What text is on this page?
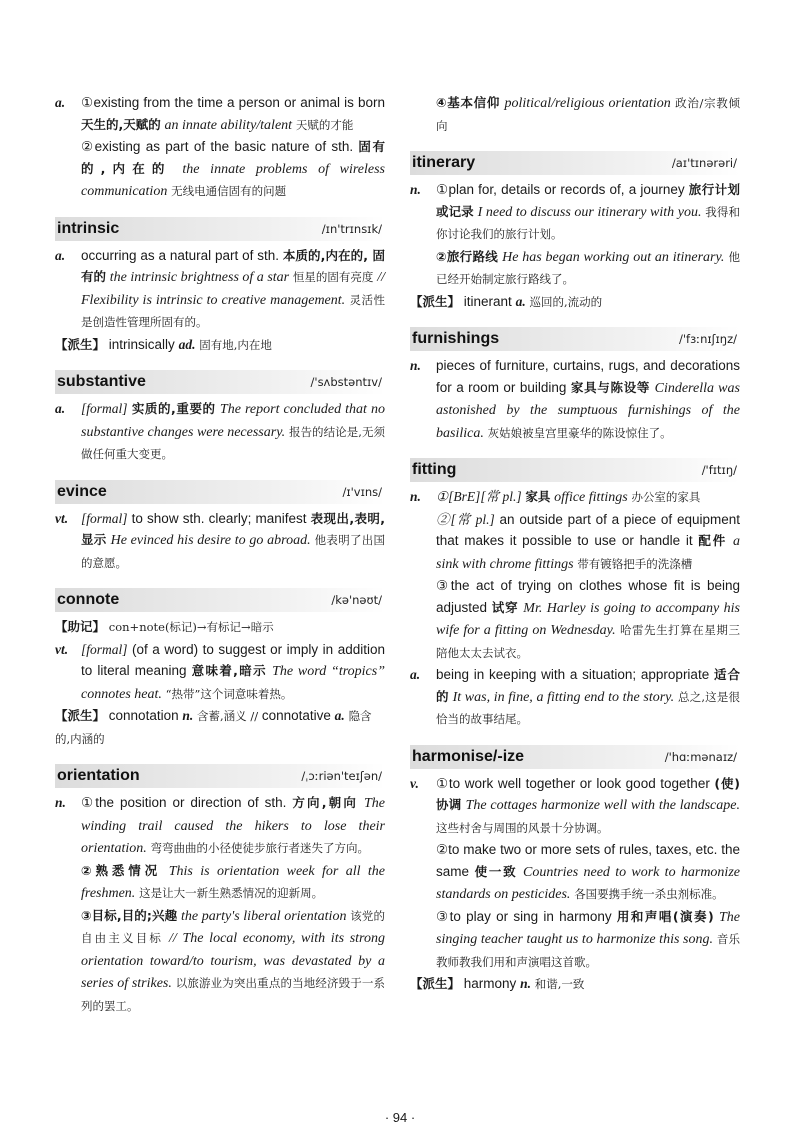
a. ①existing from the time a person or animal is born 天生的,天赋的 an innate ability/talent 天赋的才能
②existing as part of the basic nature of sth. 固有的,内在的 the innate problems of wireless communication 无线电通信固有的问题
intrinsic	/ɪn'trɪnsɪk/
a. occurring as a natural part of sth. 本质的,内在的, 固有的 the intrinsic brightness of a star 恒星的固有亮度 // Flexibility is intrinsic to creative management. 灵活性是创造性管理所固有的。
【派生】 intrinsically ad. 固有地,内在地
substantive	/'sʌbstəntɪv/
a. [formal] 实质的,重要的 The report concluded that no substantive changes were necessary. 报告的结论是,无须做任何重大变更。
evince	/ɪ'vɪns/
vt. [formal] to show sth. clearly; manifest 表现出,表明,显示 He evinced his desire to go abroad. 他表明了出国的意愿。
connote	/kə'nəʊt/
【助记】 con+note(标记)→有标记→暗示
vt. [formal] (of a word) to suggest or imply in addition to literal meaning 意味着,暗示 The word “tropics” connotes heat. “热带”这个词意味着热。
【派生】 connotation n. 含蓄,涵义 // connotative a. 隐含的,内涵的
orientation	/ˌɔːriən'teɪʃən/
n. ①the position or direction of sth. 方向,朝向 The winding trail caused the hikers to lose their orientation. 弯弯曲曲的小径使徒步旅行者迷失了方向。
②熟悉情况 This is orientation week for all the freshmen. 这是让大一新生熟悉情况的迎新周。
③目标,目的;兴趣 the party's liberal orientation 该党的自由主义目标 // The local economy, with its strong orientation toward/to tourism, was devastated by a series of strikes. 以旅游业为突出重点的当地经济毁于一系列的罢工。
④基本信仰 political/religious orientation 政治/宗教倾向
itinerary	/aɪ'tɪnərəri/
n. ①plan for, details or records of, a journey 旅行计划或记录 I need to discuss our itinerary with you. 我得和你讨论我们的旅行计划。
②旅行路线 He has began working out an itinerary. 他已经开始制定旅行路线了。
【派生】 itinerant a. 巡回的,流动的
furnishings	/'fɜːnɪʃɪŋz/
n. pieces of furniture, curtains, rugs, and decorations for a room or building 家具与陈设等 Cinderella was astonished by the sumptuous furnishings of the basilica. 灰姑娘被皇宫里豪华的陈设惊住了。
fitting	/'fɪtɪŋ/
n. ①[BrE][常 pl.] 家具 office fittings 办公室的家具
②[常 pl.] an outside part of a piece of equipment that makes it possible to use or handle it 配件 a sink with chrome fittings 带有镀铬把手的洗涤槽
③the act of trying on clothes whose fit is being adjusted 试穿 Mr. Harley is going to accompany his wife for a fitting on Wednesday. 哈雷先生打算在星期三陪他太太去试衣。
a. being in keeping with a situation; appropriate 适合的 It was, in fine, a fitting end to the story. 总之,这是很恰当的故事结尾。
harmonise/-ize	/'hɑːmənaɪz/
v. ①to work well together or look good together (使)协调 The cottages harmonize well with the landscape. 这些村舍与周围的风景十分协调。
②to make two or more sets of rules, taxes, etc. the same 使一致 Countries need to work to harmonize standards on pesticides. 各国要携手统一杀虫剂标准。
③to play or sing in harmony 用和声唱(演奏) The singing teacher taught us to harmonize this song. 音乐教师教我们用和声演唱这首歌。
【派生】 harmony n. 和谐,一致
· 94 ·
